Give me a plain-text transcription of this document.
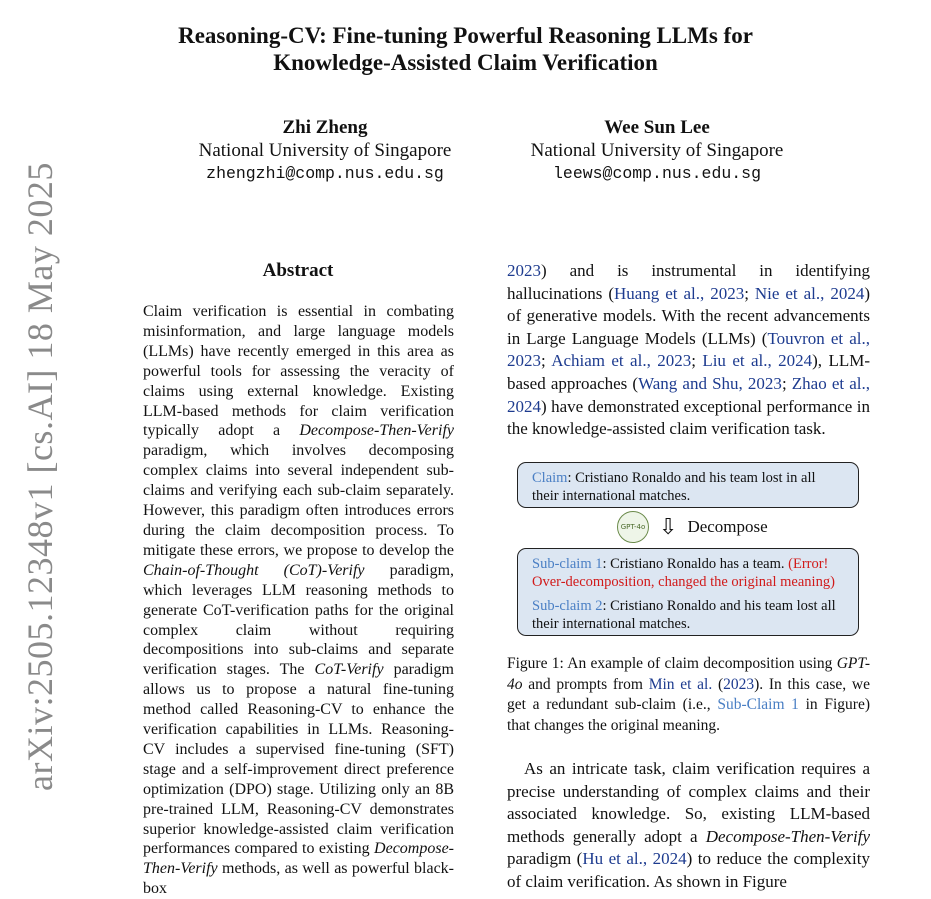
Reasoning-CV: Fine-tuning Powerful Reasoning LLMs for
Knowledge-Assisted Claim Verification
Zhi Zheng
National University of Singapore
zhengzhi@comp.nus.edu.sg
Wee Sun Lee
National University of Singapore
leews@comp.nus.edu.sg
arXiv:2505.12348v1 [cs.AI] 18 May 2025	Abstract

Claim verification is essential in combating misinformation, and large language models (LLMs) have recently emerged in this area as powerful tools for assessing the veracity of claims using external knowledge. Existing LLM-based methods for claim verification typically adopt a Decompose-Then-Verify paradigm, which involves decomposing complex claims into several independent sub-claims and verifying each sub-claim separately. However, this paradigm often introduces errors during the claim decomposition process. To mitigate these errors, we propose to develop the Chain-of-Thought (CoT)-Verify paradigm, which leverages LLM reasoning methods to generate CoT-verification paths for the original complex claim without requiring decompositions into sub-claims and separate verification stages. The CoT-Verify paradigm allows us to propose a natural fine-tuning method called Reasoning-CV to enhance the verification capabilities in LLMs. Reasoning-CV includes a supervised fine-tuning (SFT) stage and a self-improvement direct preference optimization (DPO) stage. Utilizing only an 8B pre-trained LLM, Reasoning-CV demonstrates superior knowledge-assisted claim verification performances compared to existing Decompose-Then-Verify methods, as well as powerful black-box

2023) and is instrumental in identifying hallucinations (Huang et al., 2023; Nie et al., 2024) of generative models. With the recent advancements in Large Language Models (LLMs) (Touvron et al., 2023; Achiam et al., 2023; Liu et al., 2024), LLM-based approaches (Wang and Shu, 2023; Zhao et al., 2024) have demonstrated exceptional performance in the knowledge-assisted claim verification task.
Claim: Cristiano Ronaldo and his team lost in all their international matches.
GPT-4o ⇩ Decompose
Sub-claim 1: Cristiano Ronaldo has a team. (Error! Over-decomposition, changed the original meaning)
Sub-claim 2: Cristiano Ronaldo and his team lost all their international matches.
Figure 1: An example of claim decomposition using GPT-4o and prompts from Min et al. (2023). In this case, we get a redundant sub-claim (i.e., Sub-Claim 1 in Figure) that changes the original meaning.
As an intricate task, claim verification requires a precise understanding of complex claims and their associated knowledge. So, existing LLM-based methods generally adopt a Decompose-Then-Verify paradigm (Hu et al., 2024) to reduce the complexity of claim verification. As shown in Figure
